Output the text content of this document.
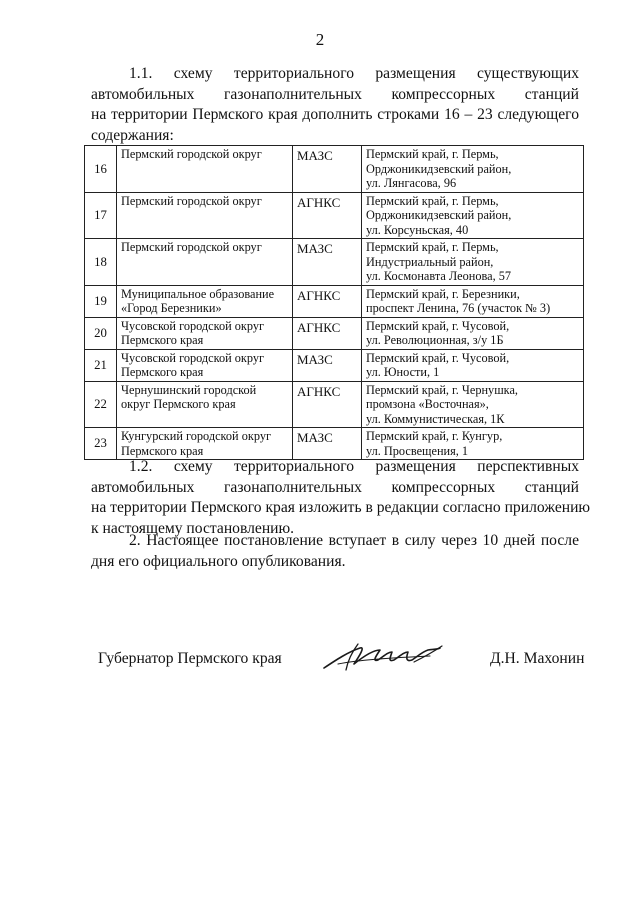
2
1.1. схему территориального размещения существующих
автомобильных газонаполнительных компрессорных станций
на территории Пермского края дополнить строками 16 – 23 следующего
содержания:
16	Пермский городской округ	МАЗС	Пермский край, г. Пермь,
Орджоникидзевский район,
ул. Лянгасова, 96

17	Пермский городской округ	АГНКС	Пермский край, г. Пермь,
Орджоникидзевский район,
ул. Корсуньская, 40

18	Пермский городской округ	МАЗС	Пермский край, г. Пермь,
Индустриальный район,
ул. Космонавта Леонова, 57

19	Муниципальное образование
«Город Березники»	АГНКС	Пермский край, г. Березники,
проспект Ленина, 76 (участок № 3)

20	Чусовской городской округ
Пермского края	АГНКС	Пермский край, г. Чусовой,
ул. Революционная, з/у 1Б

21	Чусовской городской округ
Пермского края	МАЗС	Пермский край, г. Чусовой,
ул. Юности, 1

22	Чернушинский городской
округ Пермского края	АГНКС	Пермский край, г. Чернушка,
промзона «Восточная»,
ул. Коммунистическая, 1К

23	Кунгурский городской округ
Пермского края	МАЗС	Пермский край, г. Кунгур,
ул. Просвещения, 1
1.2. схему территориального размещения перспективных
автомобильных газонаполнительных компрессорных станций
на территории Пермского края изложить в редакции согласно приложению
к настоящему постановлению.
2. Настоящее постановление вступает в силу через 10 дней после
дня его официального опубликования.
Губернатор Пермского края	Д.Н. Махонин
